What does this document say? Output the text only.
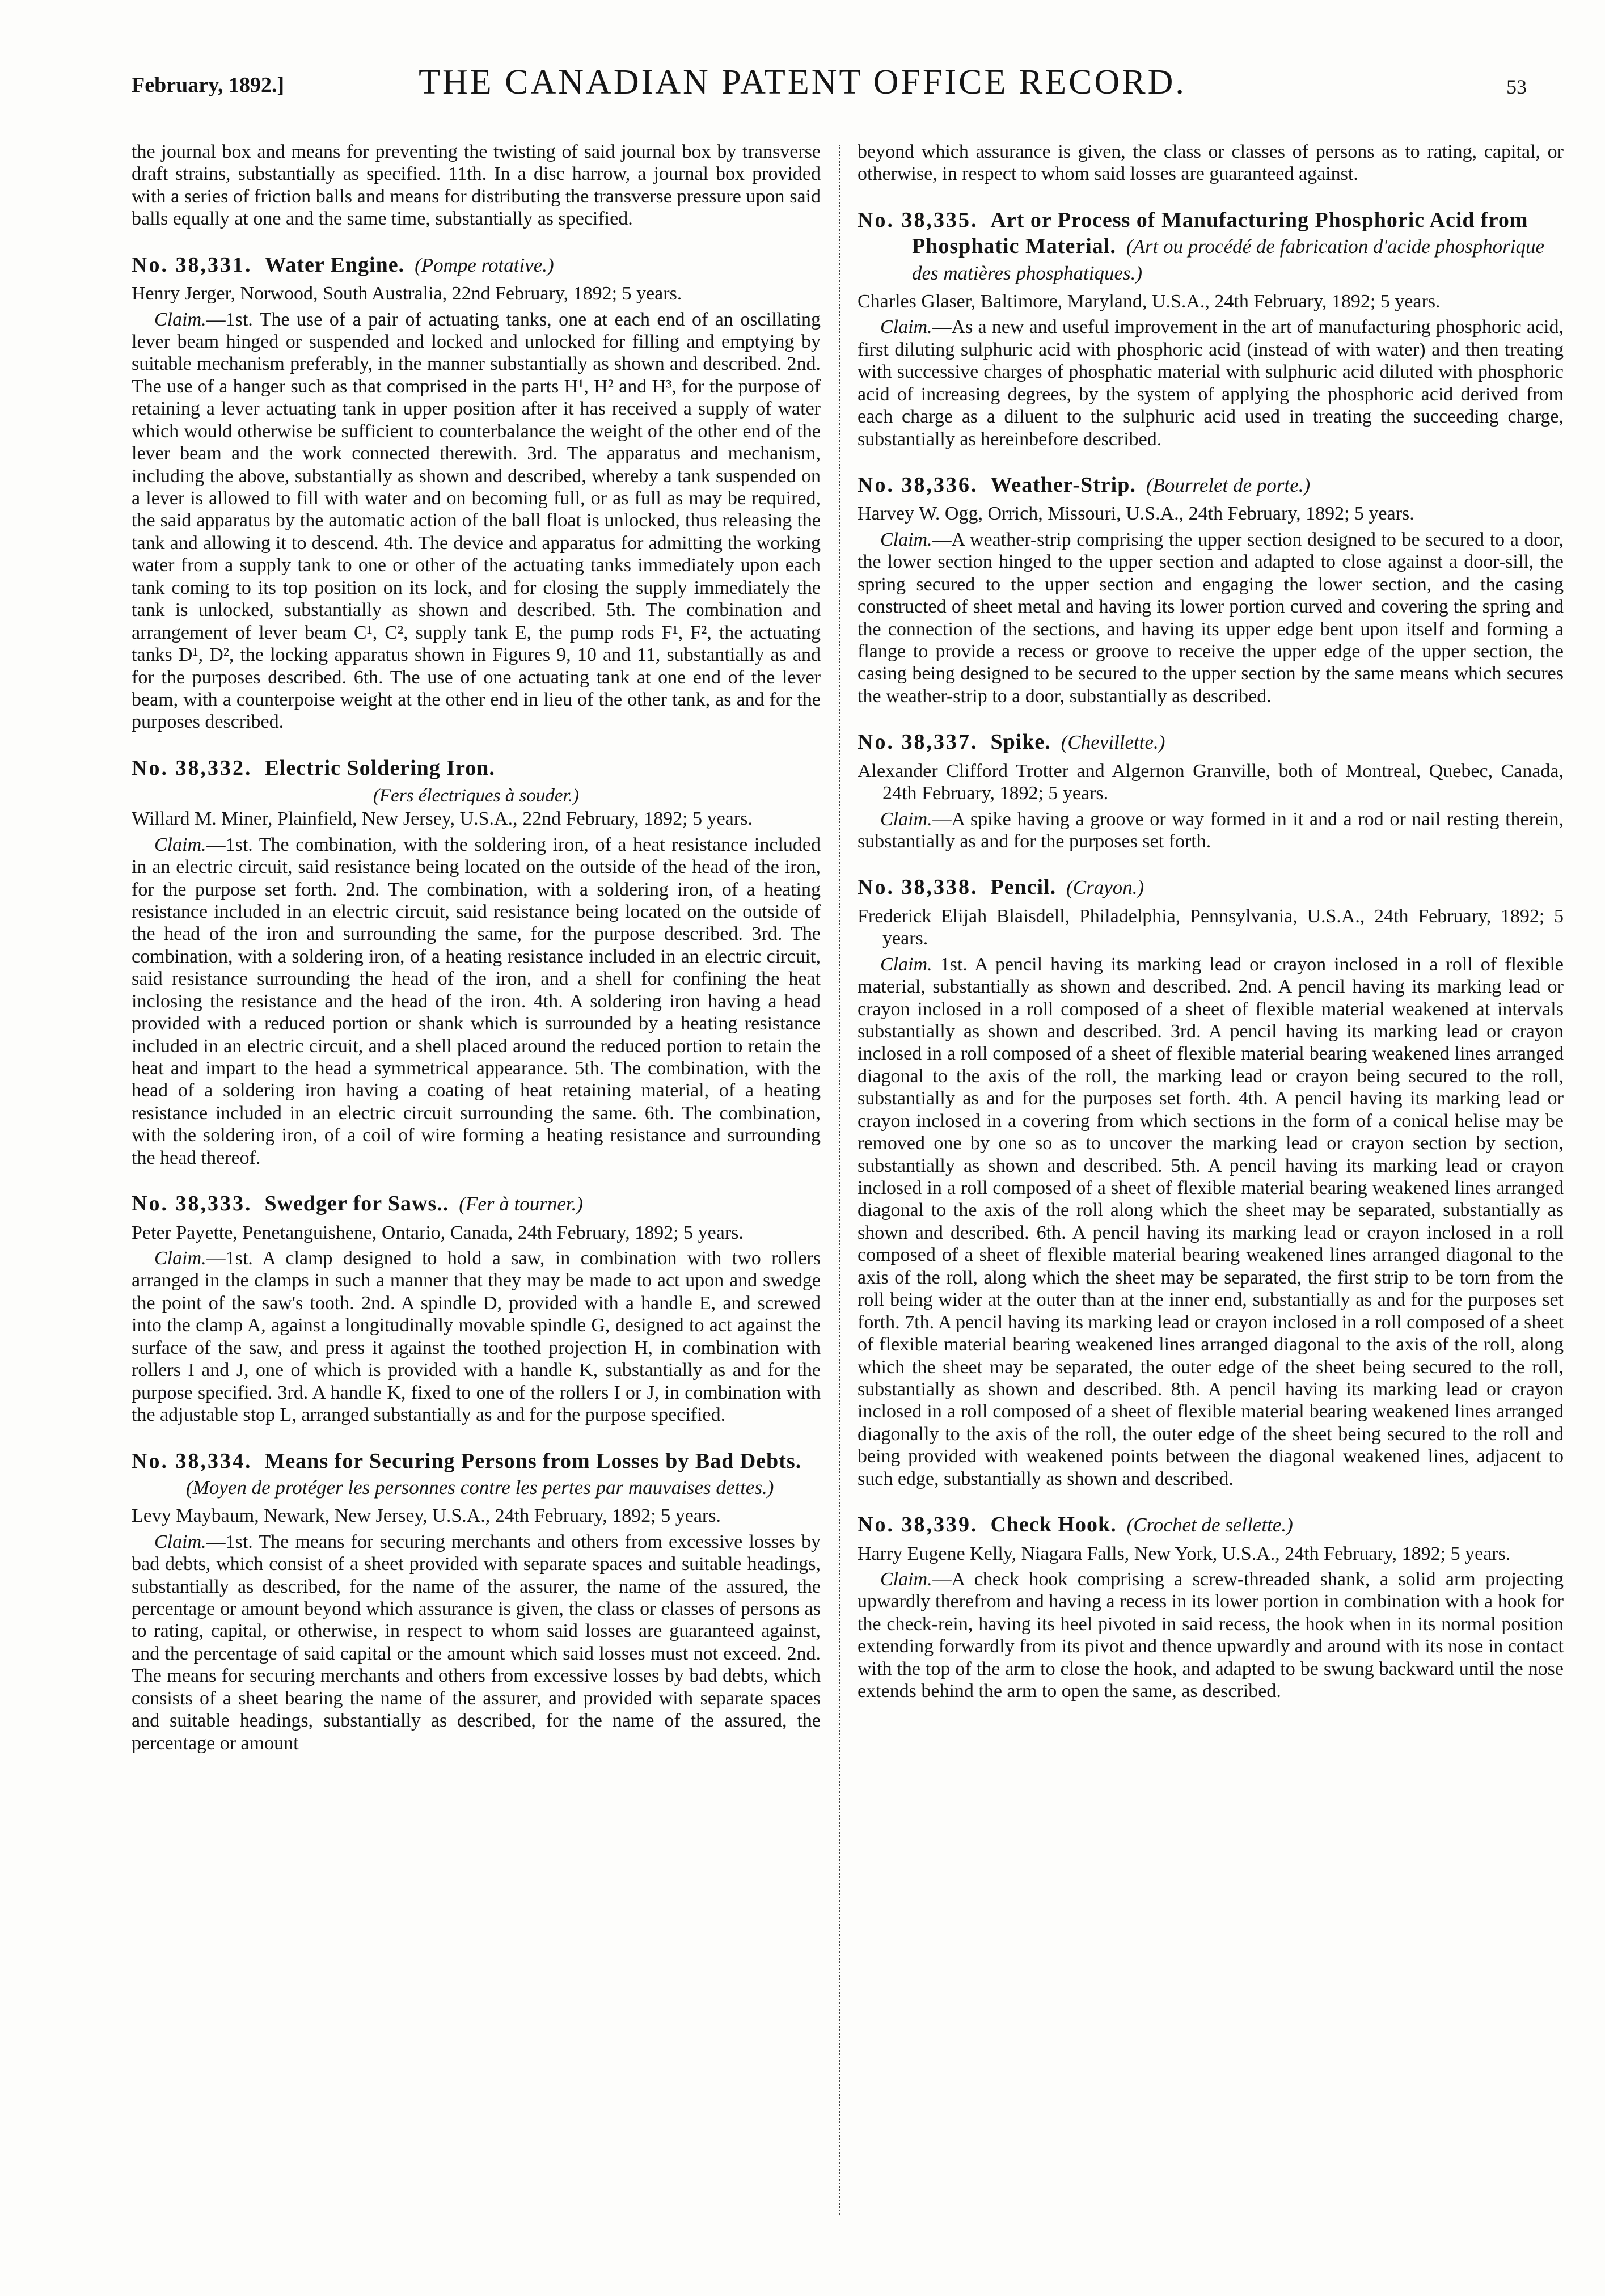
February, 1892.]	THE CANADIAN PATENT OFFICE RECORD.	53

the journal box and means for preventing the twisting of said journal box by transverse draft strains, substantially as specified. 11th. In a disc harrow, a journal box provided with a series of friction balls and means for distributing the transverse pressure upon said balls equally at one and the same time, substantially as specified.

No. 38,331. Water Engine. (Pompe rotative.)
Henry Jerger, Norwood, South Australia, 22nd February, 1892; 5 years.

Claim.—1st. The use of a pair of actuating tanks, one at each end of an oscillating lever beam hinged or suspended and locked and unlocked for filling and emptying by suitable mechanism preferably, in the manner substantially as shown and described. 2nd. The use of a hanger such as that comprised in the parts H¹, H² and H³, for the purpose of retaining a lever actuating tank in upper position after it has received a supply of water which would otherwise be sufficient to counterbalance the weight of the other end of the lever beam and the work connected therewith. 3rd. The apparatus and mechanism, including the above, substantially as shown and described, whereby a tank suspended on a lever is allowed to fill with water and on becoming full, or as full as may be required, the said apparatus by the automatic action of the ball float is unlocked, thus releasing the tank and allowing it to descend. 4th. The device and apparatus for admitting the working water from a supply tank to one or other of the actuating tanks immediately upon each tank coming to its top position on its lock, and for closing the supply immediately the tank is unlocked, substantially as shown and described. 5th. The combination and arrangement of lever beam C¹, C², supply tank E, the pump rods F¹, F², the actuating tanks D¹, D², the locking apparatus shown in Figures 9, 10 and 11, substantially as and for the purposes described. 6th. The use of one actuating tank at one end of the lever beam, with a counterpoise weight at the other end in lieu of the other tank, as and for the purposes described.

No. 38,332. Electric Soldering Iron.
(Fers électriques à souder.)
Willard M. Miner, Plainfield, New Jersey, U.S.A., 22nd February, 1892; 5 years.

Claim.—1st. The combination, with the soldering iron, of a heat resistance included in an electric circuit, said resistance being located on the outside of the head of the iron, for the purpose set forth. 2nd. The combination, with a soldering iron, of a heating resistance included in an electric circuit, said resistance being located on the outside of the head of the iron and surrounding the same, for the purpose described. 3rd. The combination, with a soldering iron, of a heating resistance included in an electric circuit, said resistance surrounding the head of the iron, and a shell for confining the heat inclosing the resistance and the head of the iron. 4th. A soldering iron having a head provided with a reduced portion or shank which is surrounded by a heating resistance included in an electric circuit, and a shell placed around the reduced portion to retain the heat and impart to the head a symmetrical appearance. 5th. The combination, with the head of a soldering iron having a coating of heat retaining material, of a heating resistance included in an electric circuit surrounding the same. 6th. The combination, with the soldering iron, of a coil of wire forming a heating resistance and surrounding the head thereof.

No. 38,333. Swedger for Saws.. (Fer à tourner.)
Peter Payette, Penetanguishene, Ontario, Canada, 24th February, 1892; 5 years.

Claim.—1st. A clamp designed to hold a saw, in combination with two rollers arranged in the clamps in such a manner that they may be made to act upon and swedge the point of the saw's tooth. 2nd. A spindle D, provided with a handle E, and screwed into the clamp A, against a longitudinally movable spindle G, designed to act against the surface of the saw, and press it against the toothed projection H, in combination with rollers I and J, one of which is provided with a handle K, substantially as and for the purpose specified. 3rd. A handle K, fixed to one of the rollers I or J, in combination with the adjustable stop L, arranged substantially as and for the purpose specified.

No. 38,334. Means for Securing Persons from Losses by Bad Debts.(Moyen de protéger les personnes contre les pertes par mauvaises dettes.)
Levy Maybaum, Newark, New Jersey, U.S.A., 24th February, 1892; 5 years.

Claim.—1st. The means for securing merchants and others from excessive losses by bad debts, which consist of a sheet provided with separate spaces and suitable headings, substantially as described, for the name of the assurer, the name of the assured, the percentage or amount beyond which assurance is given, the class or classes of persons as to rating, capital, or otherwise, in respect to whom said losses are guaranteed against, and the percentage of said capital or the amount which said losses must not exceed. 2nd. The means for securing merchants and others from excessive losses by bad debts, which consists of a sheet bearing the name of the assurer, and provided with separate spaces and suitable headings, substantially as described, for the name of the assured, the percentage or amount

beyond which assurance is given, the class or classes of persons as to rating, capital, or otherwise, in respect to whom said losses are guaranteed against.

No. 38,335. Art or Process of Manufacturing Phosphoric Acid from Phosphatic Material. (Art ou procédé de fabrication d'acide phosphorique des matières phosphatiques.)
Charles Glaser, Baltimore, Maryland, U.S.A., 24th February, 1892; 5 years.

Claim.—As a new and useful improvement in the art of manufacturing phosphoric acid, first diluting sulphuric acid with phosphoric acid (instead of with water) and then treating with successive charges of phosphatic material with sulphuric acid diluted with phosphoric acid of increasing degrees, by the system of applying the phosphoric acid derived from each charge as a diluent to the sulphuric acid used in treating the succeeding charge, substantially as hereinbefore described.

No. 38,336. Weather-Strip. (Bourrelet de porte.)
Harvey W. Ogg, Orrich, Missouri, U.S.A., 24th February, 1892; 5 years.

Claim.—A weather-strip comprising the upper section designed to be secured to a door, the lower section hinged to the upper section and adapted to close against a door-sill, the spring secured to the upper section and engaging the lower section, and the casing constructed of sheet metal and having its lower portion curved and covering the spring and the connection of the sections, and having its upper edge bent upon itself and forming a flange to provide a recess or groove to receive the upper edge of the upper section, the casing being designed to be secured to the upper section by the same means which secures the weather-strip to a door, substantially as described.

No. 38,337. Spike. (Chevillette.)
Alexander Clifford Trotter and Algernon Granville, both of Montreal, Quebec, Canada, 24th February, 1892; 5 years.

Claim.—A spike having a groove or way formed in it and a rod or nail resting therein, substantially as and for the purposes set forth.

No. 38,338. Pencil. (Crayon.)
Frederick Elijah Blaisdell, Philadelphia, Pennsylvania, U.S.A., 24th February, 1892; 5 years.

Claim. 1st. A pencil having its marking lead or crayon inclosed in a roll of flexible material, substantially as shown and described. 2nd. A pencil having its marking lead or crayon inclosed in a roll composed of a sheet of flexible material weakened at intervals substantially as shown and described. 3rd. A pencil having its marking lead or crayon inclosed in a roll composed of a sheet of flexible material bearing weakened lines arranged diagonal to the axis of the roll, the marking lead or crayon being secured to the roll, substantially as and for the purposes set forth. 4th. A pencil having its marking lead or crayon inclosed in a covering from which sections in the form of a conical helise may be removed one by one so as to uncover the marking lead or crayon section by section, substantially as shown and described. 5th. A pencil having its marking lead or crayon inclosed in a roll composed of a sheet of flexible material bearing weakened lines arranged diagonal to the axis of the roll along which the sheet may be separated, substantially as shown and described. 6th. A pencil having its marking lead or crayon inclosed in a roll composed of a sheet of flexible material bearing weakened lines arranged diagonal to the axis of the roll, along which the sheet may be separated, the first strip to be torn from the roll being wider at the outer than at the inner end, substantially as and for the purposes set forth. 7th. A pencil having its marking lead or crayon inclosed in a roll composed of a sheet of flexible material bearing weakened lines arranged diagonal to the axis of the roll, along which the sheet may be separated, the outer edge of the sheet being secured to the roll, substantially as shown and described. 8th. A pencil having its marking lead or crayon inclosed in a roll composed of a sheet of flexible material bearing weakened lines arranged diagonally to the axis of the roll, the outer edge of the sheet being secured to the roll and being provided with weakened points between the diagonal weakened lines, adjacent to such edge, substantially as shown and described.

No. 38,339. Check Hook. (Crochet de sellette.)
Harry Eugene Kelly, Niagara Falls, New York, U.S.A., 24th February, 1892; 5 years.

Claim.—A check hook comprising a screw-threaded shank, a solid arm projecting upwardly therefrom and having a recess in its lower portion in combination with a hook for the check-rein, having its heel pivoted in said recess, the hook when in its normal position extending forwardly from its pivot and thence upwardly and around with its nose in contact with the top of the arm to close the hook, and adapted to be swung backward until the nose extends behind the arm to open the same, as described.
